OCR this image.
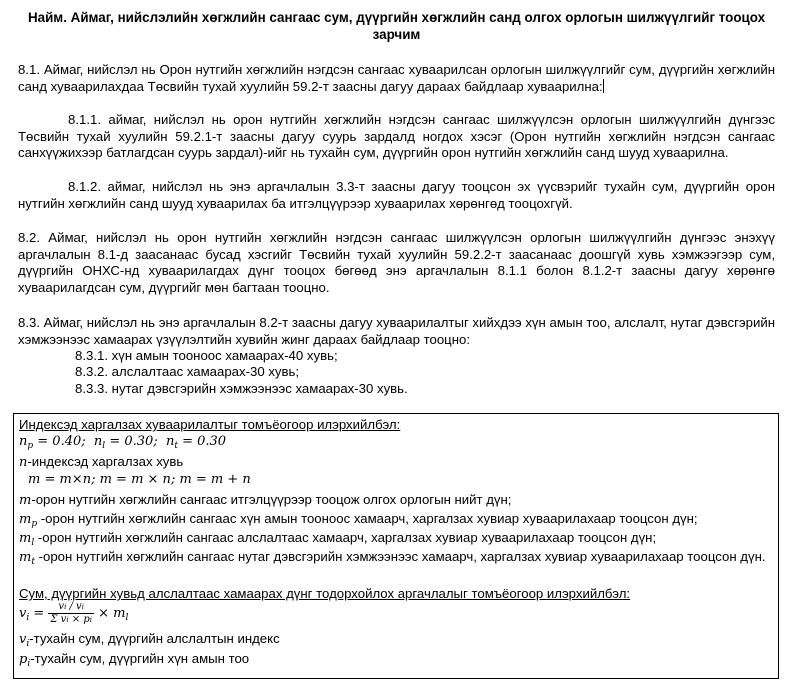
Найм. Аймаг, нийслэлийн хөгжлийн сангаас сум, дүүргийн хөгжлийн санд олгох орлогын шилжүүлгийг тооцох зарчим
8.1. Аймаг, нийслэл нь Орон нутгийн хөгжлийн нэгдсэн сангаас хуваарилсан орлогын шилжүүлгийг сум, дүүргийн хөгжлийн санд хуваарилахдаа Төсвийн тухай хуулийн 59.2-т заасны дагуу дараах байдлаар хуваарилна:
8.1.1. аймаг, нийслэл нь орон нутгийн хөгжлийн нэгдсэн сангаас шилжүүлсэн орлогын шилжүүлгийн дүнгээс Төсвийн тухай хуулийн 59.2.1-т заасны дагуу суурь зардалд ногдох хэсэг (Орон нутгийн хөгжлийн нэгдсэн сангаас санхүүжихээр батлагдсан суурь зардал)-ийг нь тухайн сум, дүүргийн орон нутгийн хөгжлийн санд шууд хуваарилна.
8.1.2. аймаг, нийслэл нь энэ аргачлалын 3.3-т заасны дагуу тооцсон эх үүсвэрийг тухайн сум, дүүргийн орон нутгийн хөгжлийн санд шууд хуваарилах ба итгэлцүүрээр хуваарилах хөрөнгөд тооцохгүй.
8.2. Аймаг, нийслэл нь орон нутгийн хөгжлийн нэгдсэн сангаас шилжүүлсэн орлогын шилжүүлгийн дүнгээс энэхүү аргачлалын 8.1-д заасанаас бусад хэсгийг Төсвийн тухай хуулийн 59.2.2-т заасанаас доошгүй хувь хэмжээгээр сум, дүүргийн ОНХС-нд хуваарилагдах дүнг тооцох бөгөөд энэ аргачлалын 8.1.1 болон 8.1.2-т заасны дагуу хөрөнгө хуваарилагдсан сум, дүүргийг мөн багтаан тооцно.
8.3. Аймаг, нийслэл нь энэ аргачлалын 8.2-т заасны дагуу хуваарилалтыг хийхдээ хүн амын тоо, алслалт, нутаг дэвсгэрийн хэмжээнээс хамаарах үзүүлэлтийн хувийн жинг дараах байдлаар тооцно:
8.3.1. хүн амын тооноос хамаарах-40 хувь;
8.3.2. алслалтаас хамаарах-30 хувь;
8.3.3. нутаг дэвсгэрийн хэмжээнээс хамаарах-30 хувь.
Индексэд харгалзах хуваарилалтыг томъёогоор илэрхийлбэл:
$n_p = 0.40$; $n_l = 0.30$; $n_t = 0.30$
n-индексэд харгалзах хувь
m = m×n; m = m × n; m = m + n
m-орон нутгийн хөгжлийн сангаас итгэлцүүрээр тооцож олгох орлогын нийт дүн;
$m_p$ -орон нутгийн хөгжлийн сангаас хүн амын тооноос хамаарч, харгалзах хувиар хуваарилахаар тооцсон дүн;
$m_l$ -орон нутгийн хөгжлийн сангаас алслалтаас хамаарч, харгалзах хувиар хуваарилахаар тооцсон дүн;
$m_t$ -орон нутгийн хөгжлийн сангаас нутаг дэвсгэрийн хэмжээнээс хамаарч, харгалзах хувиар хуваарилахаар тооцсон дүн.
Сум, дүүргийн хувьд алслалтаас хамаарах дүнг тодорхойлох аргачлалыг томъёогоор илэрхийлбэл:
$v_i = \frac{vi / vi}{\text{Σ vi × pi}} \times m_l$
$v_i$-тухайн сум, дүүргийн алслалтын индекс
$p_i$-тухайн сум, дүүргийн хүн амын тоо
